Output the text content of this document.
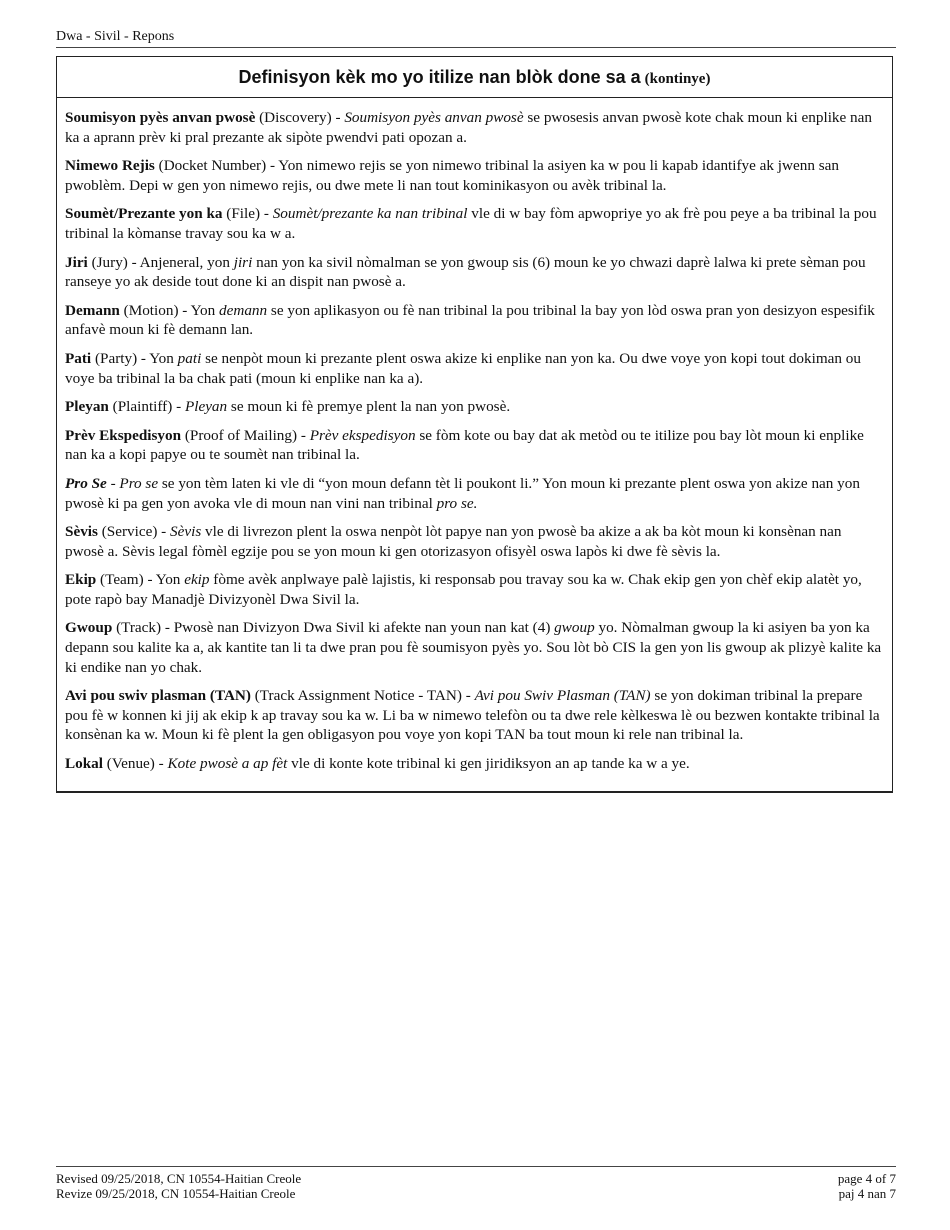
Dwa - Sivil - Repons
Definisyon kèk mo yo itilize nan blòk done sa a (kontinye)

Soumisyon pyès anvan pwosè (Discovery) - Soumisyon pyès anvan pwosè se pwosesis anvan pwosè kote chak moun ki enplike nan ka a aprann prèv ki pral prezante ak sipòte pwendvi pati opozan a.

Nimewo Rejis (Docket Number) - Yon nimewo rejis se yon nimewo tribinal la asiyen ka w pou li kapab idantifye ak jwenn san pwoblèm. Depi w gen yon nimewo rejis, ou dwe mete li nan tout kominikasyon ou avèk tribinal la.

Soumèt/Prezante yon ka (File) - Soumèt/prezante ka nan tribinal vle di w bay fòm apwopriye yo ak frè pou peye a ba tribinal la pou tribinal la kòmanse travay sou ka w a.

Jiri (Jury) - Anjeneral, yon jiri nan yon ka sivil nòmalman se yon gwoup sis (6) moun ke yo chwazi daprè lalwa ki prete sèman pou ranseye yo ak deside tout done ki an dispit nan pwosè a.

Demann (Motion) - Yon demann se yon aplikasyon ou fè nan tribinal la pou tribinal la bay yon lòd oswa pran yon desizyon espesifik anfavè moun ki fè demann lan.

Pati (Party) - Yon pati se nenpòt moun ki prezante plent oswa akize ki enplike nan yon ka. Ou dwe voye yon kopi tout dokiman ou voye ba tribinal la ba chak pati (moun ki enplike nan ka a).

Pleyan (Plaintiff) - Pleyan se moun ki fè premye plent la nan yon pwosè.

Prèv Ekspedisyon (Proof of Mailing) - Prèv ekspedisyon se fòm kote ou bay dat ak metòd ou te itilize pou bay lòt moun ki enplike nan ka a kopi papye ou te soumèt nan tribinal la.

Pro Se - Pro se se yon tèm laten ki vle di “yon moun defann tèt li poukont li.” Yon moun ki prezante plent oswa yon akize nan yon pwosè ki pa gen yon avoka vle di moun nan vini nan tribinal pro se.

Sèvis (Service) - Sèvis vle di livrezon plent la oswa nenpòt lòt papye nan yon pwosè ba akize a ak ba kòt moun ki konsènan nan pwosè a. Sèvis legal fòmèl egzije pou se yon moun ki gen otorizasyon ofisyèl oswa lapòs ki dwe fè sèvis la.

Ekip (Team) - Yon ekip fòme avèk anplwaye palè lajistis, ki responsab pou travay sou ka w. Chak ekip gen yon chèf ekip alatèt yo, pote rapò bay Manadjè Divizyonèl Dwa Sivil la.

Gwoup (Track) - Pwosè nan Divizyon Dwa Sivil ki afekte nan youn nan kat (4) gwoup yo. Nòmalman gwoup la ki asiyen ba yon ka depann sou kalite ka a, ak kantite tan li ta dwe pran pou fè soumisyon pyès yo. Sou lòt bò CIS la gen yon lis gwoup ak plizyè kalite ka ki endike nan yo chak.

Avi pou swiv plasman (TAN) (Track Assignment Notice - TAN) - Avi pou Swiv Plasman (TAN) se yon dokiman tribinal la prepare pou fè w konnen ki jij ak ekip k ap travay sou ka w. Li ba w nimewo telefòn ou ta dwe rele kèlkeswa lè ou bezwen kontakte tribinal la konsènan ka w. Moun ki fè plent la gen obligasyon pou voye yon kopi TAN ba tout moun ki rele nan tribinal la.

Lokal (Venue) - Kote pwosè a ap fèt vle di konte kote tribinal ki gen jiridiksyon an ap tande ka w a ye.

Revised 09/25/2018, CN 10554-Haitian Creole
Revize 09/25/2018, CN 10554-Haitian Creole
page 4 of 7
paj 4 nan 7
